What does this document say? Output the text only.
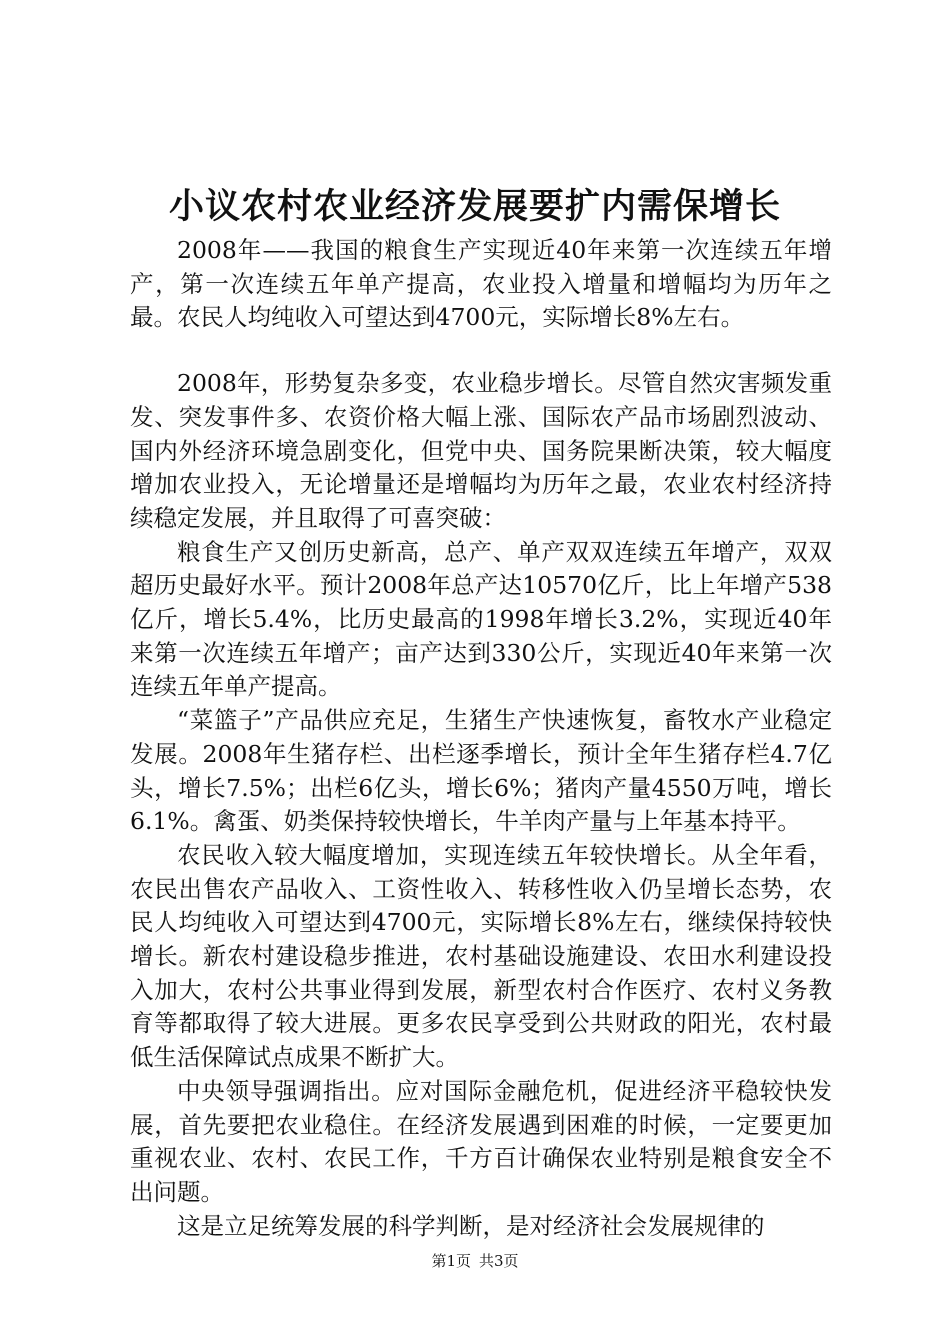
小议农村农业经济发展要扩内需保增长

2008年——我国的粮食生产实现近40年来第一次连续五年增产，第一次连续五年单产提高，农业投入增量和增幅均为历年之最。农民人均纯收入可望达到4700元，实际增长8%左右。

2008年，形势复杂多变，农业稳步增长。尽管自然灾害频发重发、突发事件多、农资价格大幅上涨、国际农产品市场剧烈波动、国内外经济环境急剧变化，但党中央、国务院果断决策，较大幅度增加农业投入，无论增量还是增幅均为历年之最，农业农村经济持续稳定发展，并且取得了可喜突破：

粮食生产又创历史新高，总产、单产双双连续五年增产，双双超历史最好水平。预计2008年总产达10570亿斤，比上年增产538亿斤，增长5.4%，比历史最高的1998年增长3.2%，实现近40年来第一次连续五年增产；亩产达到330公斤，实现近40年来第一次连续五年单产提高。

“菜篮子”产品供应充足，生猪生产快速恢复，畜牧水产业稳定发展。2008年生猪存栏、出栏逐季增长，预计全年生猪存栏4.7亿头，增长7.5%；出栏6亿头，增长6%；猪肉产量4550万吨，增长6.1%。禽蛋、奶类保持较快增长，牛羊肉产量与上年基本持平。

农民收入较大幅度增加，实现连续五年较快增长。从全年看，农民出售农产品收入、工资性收入、转移性收入仍呈增长态势，农民人均纯收入可望达到4700元，实际增长8%左右，继续保持较快增长。新农村建设稳步推进，农村基础设施建设、农田水利建设投入加大，农村公共事业得到发展，新型农村合作医疗、农村义务教育等都取得了较大进展。更多农民享受到公共财政的阳光，农村最低生活保障试点成果不断扩大。

中央领导强调指出。应对国际金融危机，促进经济平稳较快发展，首先要把农业稳住。在经济发展遇到困难的时候，一定要更加重视农业、农村、农民工作，千方百计确保农业特别是粮食安全不出问题。

这是立足统筹发展的科学判断，是对经济社会发展规律的

第1页 共3页
